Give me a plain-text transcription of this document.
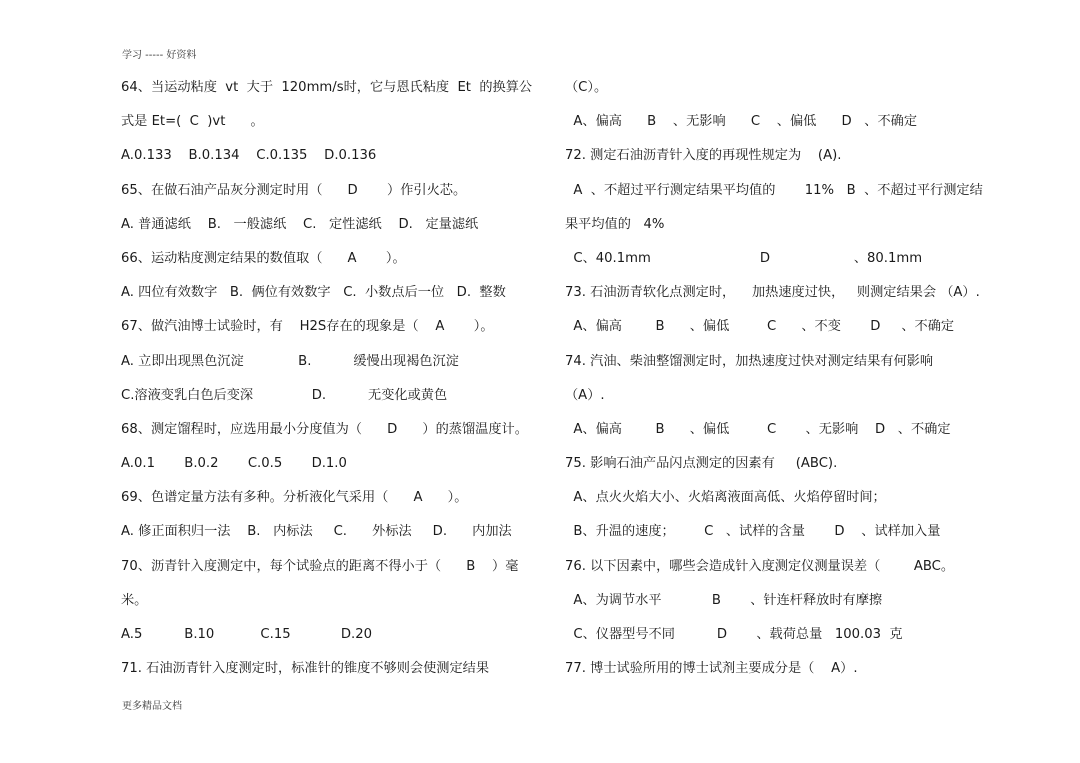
学习 ----- 好资料
64、当运动粘度  vt  大于  120mm/s时，它与恩氏粘度  Et  的换算公
式是 Et=(  C  )vt      。
A.0.133    B.0.134    C.0.135    D.0.136
65、在做石油产品灰分测定时用（      D       ）作引火芯。
A. 普通滤纸    B.   一般滤纸    C.   定性滤纸    D.   定量滤纸
66、运动粘度测定结果的数值取（      A       ）。
A. 四位有效数字   B.  俩位有效数字   C.  小数点后一位   D.  整数
67、做汽油博士试验时，有    H2S存在的现象是（    A       ）。
A. 立即出现黑色沉淀             B.          缓慢出现褐色沉淀
C.溶液变乳白色后变深              D.          无变化或黄色
68、测定馏程时，应选用最小分度值为（      D      ）的蒸馏温度计。
A.0.1       B.0.2       C.0.5       D.1.0
69、色谱定量方法有多种。分析液化气采用（      A      ）。
A. 修正面积归一法    B.   内标法     C.      外标法     D.      内加法
70、沥青针入度测定中，每个试验点的距离不得小于（      B    ）毫
米。
A.5          B.10           C.15            D.20
71. 石油沥青针入度测定时，标准针的锥度不够则会使测定结果
（C）。
A、偏高      B    、无影响      C    、偏低      D   、不确定
72. 测定石油沥青针入度的再现性规定为    (A).
A  、不超过平行测定结果平均值的       11%   B  、不超过平行测定结
果平均值的   4%
C、40.1mm                          D                    、80.1mm
73. 石油沥青软化点测定时，    加热速度过快，   则测定结果会 （A）.
A、偏高        B      、偏低         C      、不变       D     、不确定
74. 汽油、柴油整馏测定时，加热速度过快对测定结果有何影响
（A）.
A、偏高        B      、偏低         C       、无影响    D   、不确定
75. 影响石油产品闪点测定的因素有     (ABC).
A、点火火焰大小、火焰离液面高低、火焰停留时间；
B、升温的速度；       C   、试样的含量       D    、试样加入量
76. 以下因素中，哪些会造成针入度测定仪测量误差（        ABC。
A、为调节水平            B       、针连杆释放时有摩擦
C、仪器型号不同          D       、载荷总量   100.03  克
77. 博士试验所用的博士试剂主要成分是（    A）.
更多精品文档
